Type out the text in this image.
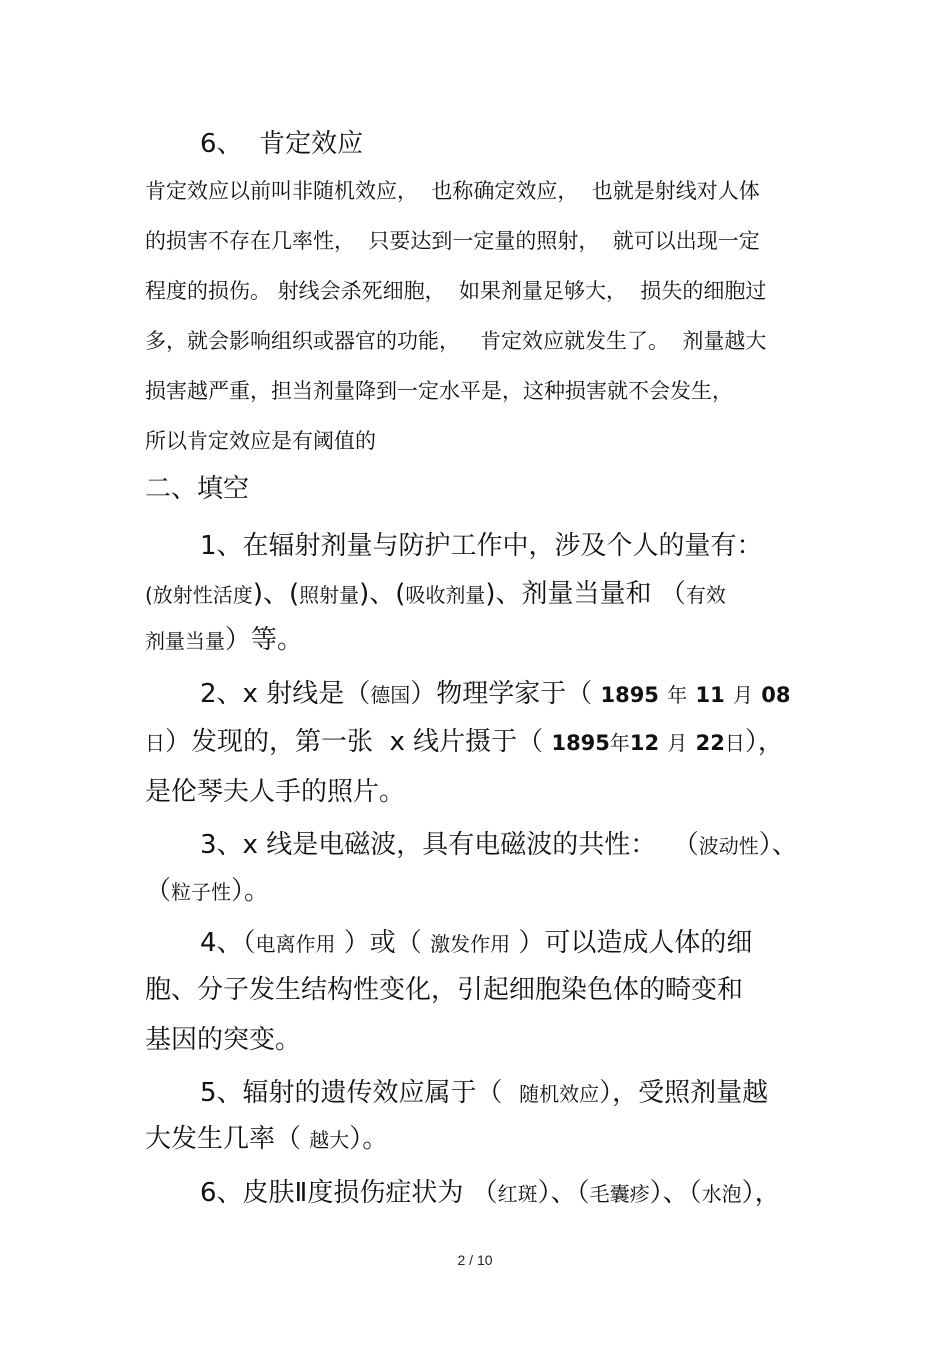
6、  肯定效应
肯定效应以前叫非随机效应，  也称确定效应，  也就是射线对人体
的损害不存在几率性，  只要达到一定量的照射，  就可以出现一定
程度的损伤。 射线会杀死细胞，  如果剂量足够大，  损失的细胞过
多，就会影响组织或器官的功能，   肯定效应就发生了。  剂量越大
损害越严重，担当剂量降到一定水平是，这种损害就不会发生，
所以肯定效应是有阈值的
二、填空
1、在辐射剂量与防护工作中，涉及个人的量有：
(放射性活度)、(照射量)、(吸收剂量)、剂量当量和 （有效
剂量当量）等。
2、x 射线是（德国）物理学家于（ 1895 年 11 月 08
日）发现的，第一张  x 线片摄于（ 1895年12 月 22日），
是伦琴夫人手的照片。
3、x 线是电磁波，具有电磁波的共性：  （波动性）、
（粒子性）。
4、（电离作用 ）或（ 激发作用 ）可以造成人体的细
胞、分子发生结构性变化，引起细胞染色体的畸变和
基因的突变。
5、辐射的遗传效应属于（  随机效应），受照剂量越
大发生几率（ 越大）。
6、皮肤Ⅱ度损伤症状为 （红斑）、（毛囊疹）、（水泡），
2 / 10
